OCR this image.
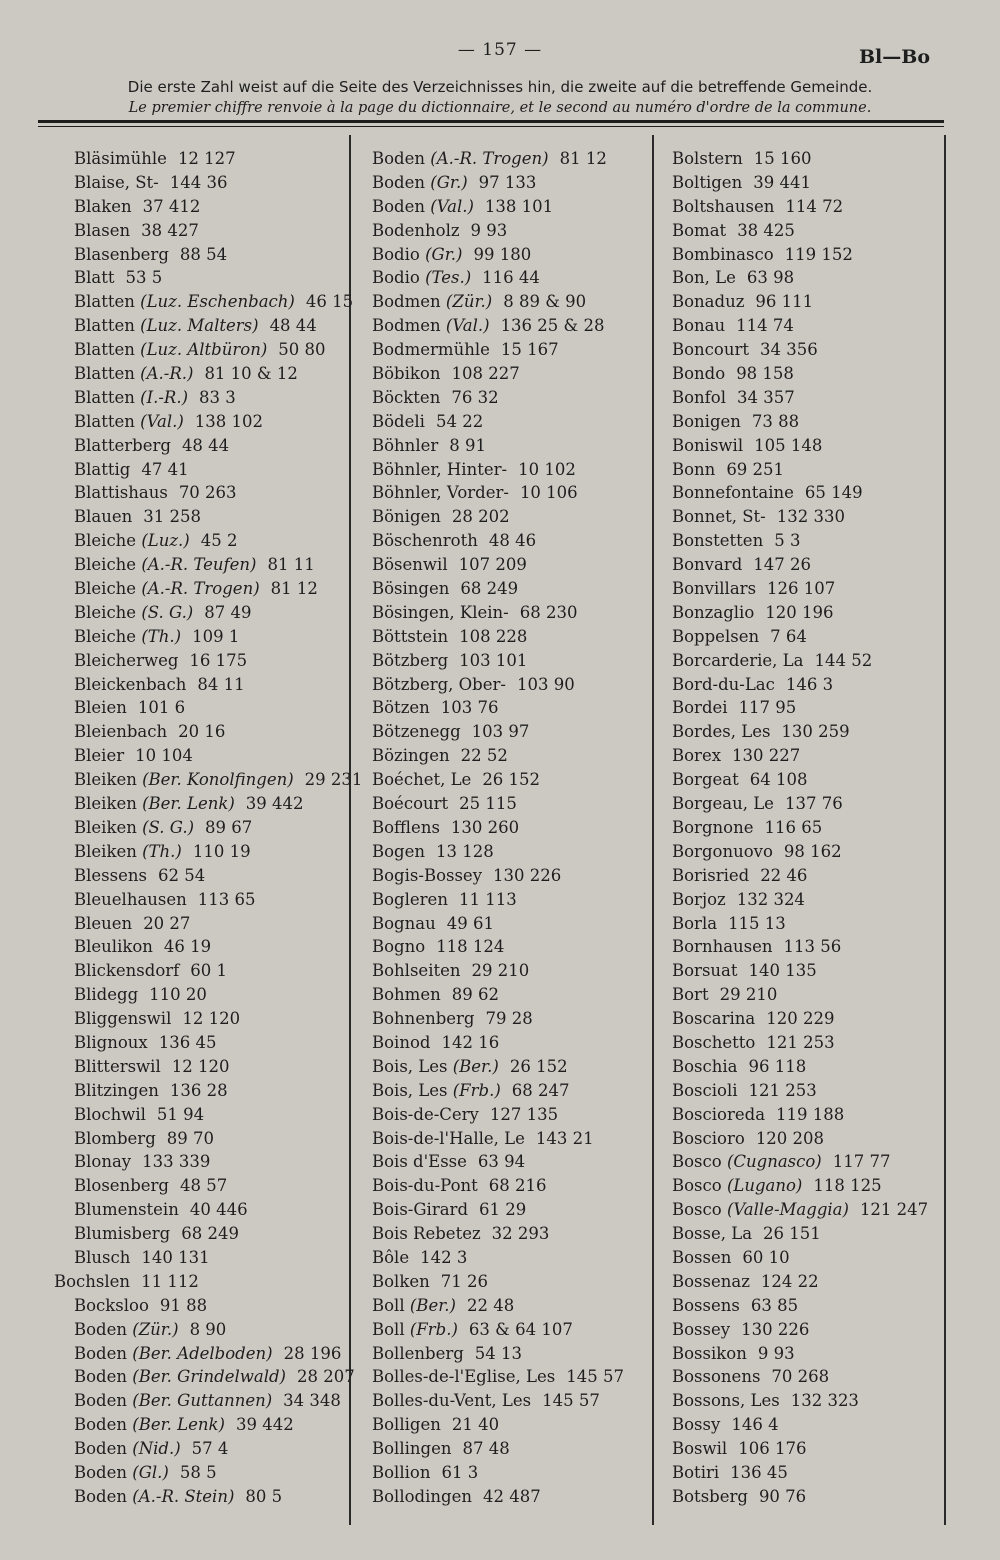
— 157 —	Bl—Bo
Die erste Zahl weist auf die Seite des Verzeichnisses hin, die zweite auf die betreffende Gemeinde.
Le premier chiffre renvoie à la page du dictionnaire, et le second au numéro d'ordre de la commune.
Bläsimühle 12 127
Blaise, St- 144 36
Blaken 37 412
Blasen 38 427
Blasenberg 88 54
Blatt 53 5
Blatten (Luz. Eschenbach) 46 15
Blatten (Luz. Malters) 48 44
Blatten (Luz. Altbüron) 50 80
Blatten (A.-R.) 81 10 & 12
Blatten (I.-R.) 83 3
Blatten (Val.) 138 102
Blatterberg 48 44
Blattig 47 41
Blattishaus 70 263
Blauen 31 258
Bleiche (Luz.) 45 2
Bleiche (A.-R. Teufen) 81 11
Bleiche (A.-R. Trogen) 81 12
Bleiche (S. G.) 87 49
Bleiche (Th.) 109 1
Bleicherweg 16 175
Bleickenbach 84 11
Bleien 101 6
Bleienbach 20 16
Bleier 10 104
Bleiken (Ber. Konolfingen) 29 231
Bleiken (Ber. Lenk) 39 442
Bleiken (S. G.) 89 67
Bleiken (Th.) 110 19
Blessens 62 54
Bleuelhausen 113 65
Bleuen 20 27
Bleulikon 46 19
Blickensdorf 60 1
Blidegg 110 20
Bliggenswil 12 120
Blignoux 136 45
Blitterswil 12 120
Blitzingen 136 28
Blochwil 51 94
Blomberg 89 70
Blonay 133 339
Blosenberg 48 57
Blumenstein 40 446
Blumisberg 68 249
Blusch 140 131
Bochslen 11 112
Bocksloo 91 88
Boden (Zür.) 8 90
Boden (Ber. Adelboden) 28 196
Boden (Ber. Grindelwald) 28 207
Boden (Ber. Guttannen) 34 348
Boden (Ber. Lenk) 39 442
Boden (Nid.) 57 4
Boden (Gl.) 58 5
Boden (A.-R. Stein) 80 5
Boden (A.-R. Trogen) 81 12
Boden (Gr.) 97 133
Boden (Val.) 138 101
Bodenholz 9 93
Bodio (Gr.) 99 180
Bodio (Tes.) 116 44
Bodmen (Zür.) 8 89 & 90
Bodmen (Val.) 136 25 & 28
Bodmermühle 15 167
Böbikon 108 227
Böckten 76 32
Bödeli 54 22
Böhnler 8 91
Böhnler, Hinter- 10 102
Böhnler, Vorder- 10 106
Bönigen 28 202
Böschenroth 48 46
Bösenwil 107 209
Bösingen 68 249
Bösingen, Klein- 68 230
Böttstein 108 228
Bötzberg 103 101
Bötzberg, Ober- 103 90
Bötzen 103 76
Bötzenegg 103 97
Bözingen 22 52
Boéchet, Le 26 152
Boécourt 25 115
Bofflens 130 260
Bogen 13 128
Bogis-Bossey 130 226
Bogleren 11 113
Bognau 49 61
Bogno 118 124
Bohlseiten 29 210
Bohmen 89 62
Bohnenberg 79 28
Boinod 142 16
Bois, Les (Ber.) 26 152
Bois, Les (Frb.) 68 247
Bois-de-Cery 127 135
Bois-de-l'Halle, Le 143 21
Bois d'Esse 63 94
Bois-du-Pont 68 216
Bois-Girard 61 29
Bois Rebetez 32 293
Bôle 142 3
Bolken 71 26
Boll (Ber.) 22 48
Boll (Frb.) 63 & 64 107
Bollenberg 54 13
Bolles-de-l'Eglise, Les 145 57
Bolles-du-Vent, Les 145 57
Bolligen 21 40
Bollingen 87 48
Bollion 61 3
Bollodingen 42 487
Bolstern 15 160
Boltigen 39 441
Boltshausen 114 72
Bomat 38 425
Bombinasco 119 152
Bon, Le 63 98
Bonaduz 96 111
Bonau 114 74
Boncourt 34 356
Bondo 98 158
Bonfol 34 357
Bonigen 73 88
Boniswil 105 148
Bonn 69 251
Bonnefontaine 65 149
Bonnet, St- 132 330
Bonstetten 5 3
Bonvard 147 26
Bonvillars 126 107
Bonzaglio 120 196
Boppelsen 7 64
Borcarderie, La 144 52
Bord-du-Lac 146 3
Bordei 117 95
Bordes, Les 130 259
Borex 130 227
Borgeat 64 108
Borgeau, Le 137 76
Borgnone 116 65
Borgonuovo 98 162
Borisried 22 46
Borjoz 132 324
Borla 115 13
Bornhausen 113 56
Borsuat 140 135
Bort 29 210
Boscarina 120 229
Boschetto 121 253
Boschia 96 118
Boscioli 121 253
Boscioreda 119 188
Boscioro 120 208
Bosco (Cugnasco) 117 77
Bosco (Lugano) 118 125
Bosco (Valle-Maggia) 121 247
Bosse, La 26 151
Bossen 60 10
Bossenaz 124 22
Bossens 63 85
Bossey 130 226
Bossikon 9 93
Bossonens 70 268
Bossons, Les 132 323
Bossy 146 4
Boswil 106 176
Botiri 136 45
Botsberg 90 76
